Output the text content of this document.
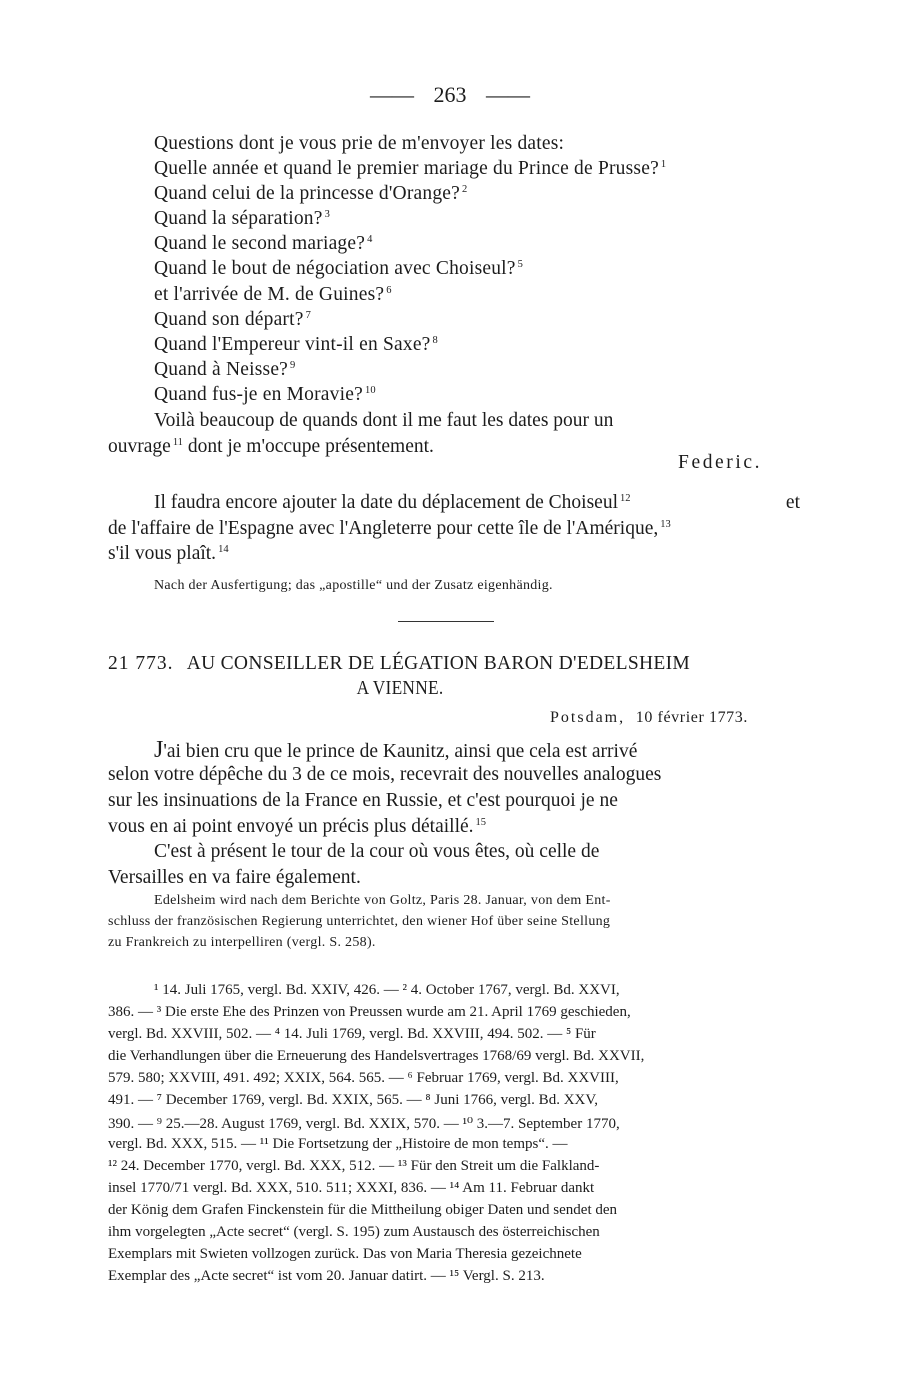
—— 263 ——
Questions dont je vous prie de m'envoyer les dates:
Quelle année et quand le premier mariage du Prince de Prusse? $^1$
Quand celui de la princesse d'Orange? $^2$
Quand la séparation? $^3$
Quand le second mariage? $^4$
Quand le bout de négociation avec Choiseul? $^5$
et l'arrivée de M. de Guines? $^6$
Quand son départ? $^7$
Quand l'Empereur vint-il en Saxe? $^8$
Quand à Neisse? $^9$
Quand fus-je en Moravie? $^{10}$
Voilà beaucoup de quands dont il me faut les dates pour un
ouvrage $^{11}$ dont je m'occupe présentement.
Federic.
Il faudra encore ajouter la date du déplacement de Choiseul $^{12}$	et
de l'affaire de l'Espagne avec l'Angleterre pour cette île de l'Amérique, $^{13}$
s'il vous plaît. $^{14}$
Nach der Ausfertigung; das „apostille“ und der Zusatz eigenhändig.
21 773. AU CONSEILLER DE LÉGATION BARON D'EDELSHEIM
A VIENNE.
Potsdam, 10 février 1773.
J'ai bien cru que le prince de Kaunitz, ainsi que cela est arrivé
selon votre dépêche du 3 de ce mois, recevrait des nouvelles analogues
sur les insinuations de la France en Russie, et c'est pourquoi je ne
vous en ai point envoyé un précis plus détaillé. $^{15}$
C'est à présent le tour de la cour où vous êtes, où celle de
Versailles en va faire également.
Edelsheim wird nach dem Berichte von Goltz, Paris 28. Januar, von dem Ent-
schluss der französischen Regierung unterrichtet, den wiener Hof über seine Stellung
zu Frankreich zu interpelliren (vergl. S. 258).
¹ 14. Juli 1765, vergl. Bd. XXIV, 426. — ² 4. October 1767, vergl. Bd. XXVI,
386. — ³ Die erste Ehe des Prinzen von Preussen wurde am 21. April 1769 geschieden,
vergl. Bd. XXVIII, 502. — ⁴ 14. Juli 1769, vergl. Bd. XXVIII, 494. 502. — ⁵ Für
die Verhandlungen über die Erneuerung des Handelsvertrages 1768/69 vergl. Bd. XXVII,
579. 580; XXVIII, 491. 492; XXIX, 564. 565. — ⁶ Februar 1769, vergl. Bd. XXVIII,
491. — ⁷ December 1769, vergl. Bd. XXIX, 565. — ⁸ Juni 1766, vergl. Bd. XXV,
390. — ⁹ 25.—28. August 1769, vergl. Bd. XXIX, 570. — ¹⁰ 3.—7. September 1770,
vergl. Bd. XXX, 515. — ¹¹ Die Fortsetzung der „Histoire de mon temps“. —
¹² 24. December 1770, vergl. Bd. XXX, 512. — ¹³ Für den Streit um die Falkland-
insel 1770/71 vergl. Bd. XXX, 510. 511; XXXI, 836. — ¹⁴ Am 11. Februar dankt
der König dem Grafen Finckenstein für die Mittheilung obiger Daten und sendet den
ihm vorgelegten „Acte secret“ (vergl. S. 195) zum Austausch des österreichischen
Exemplars mit Swieten vollzogen zurück. Das von Maria Theresia gezeichnete
Exemplar des „Acte secret“ ist vom 20. Januar datirt. — ¹⁵ Vergl. S. 213.
